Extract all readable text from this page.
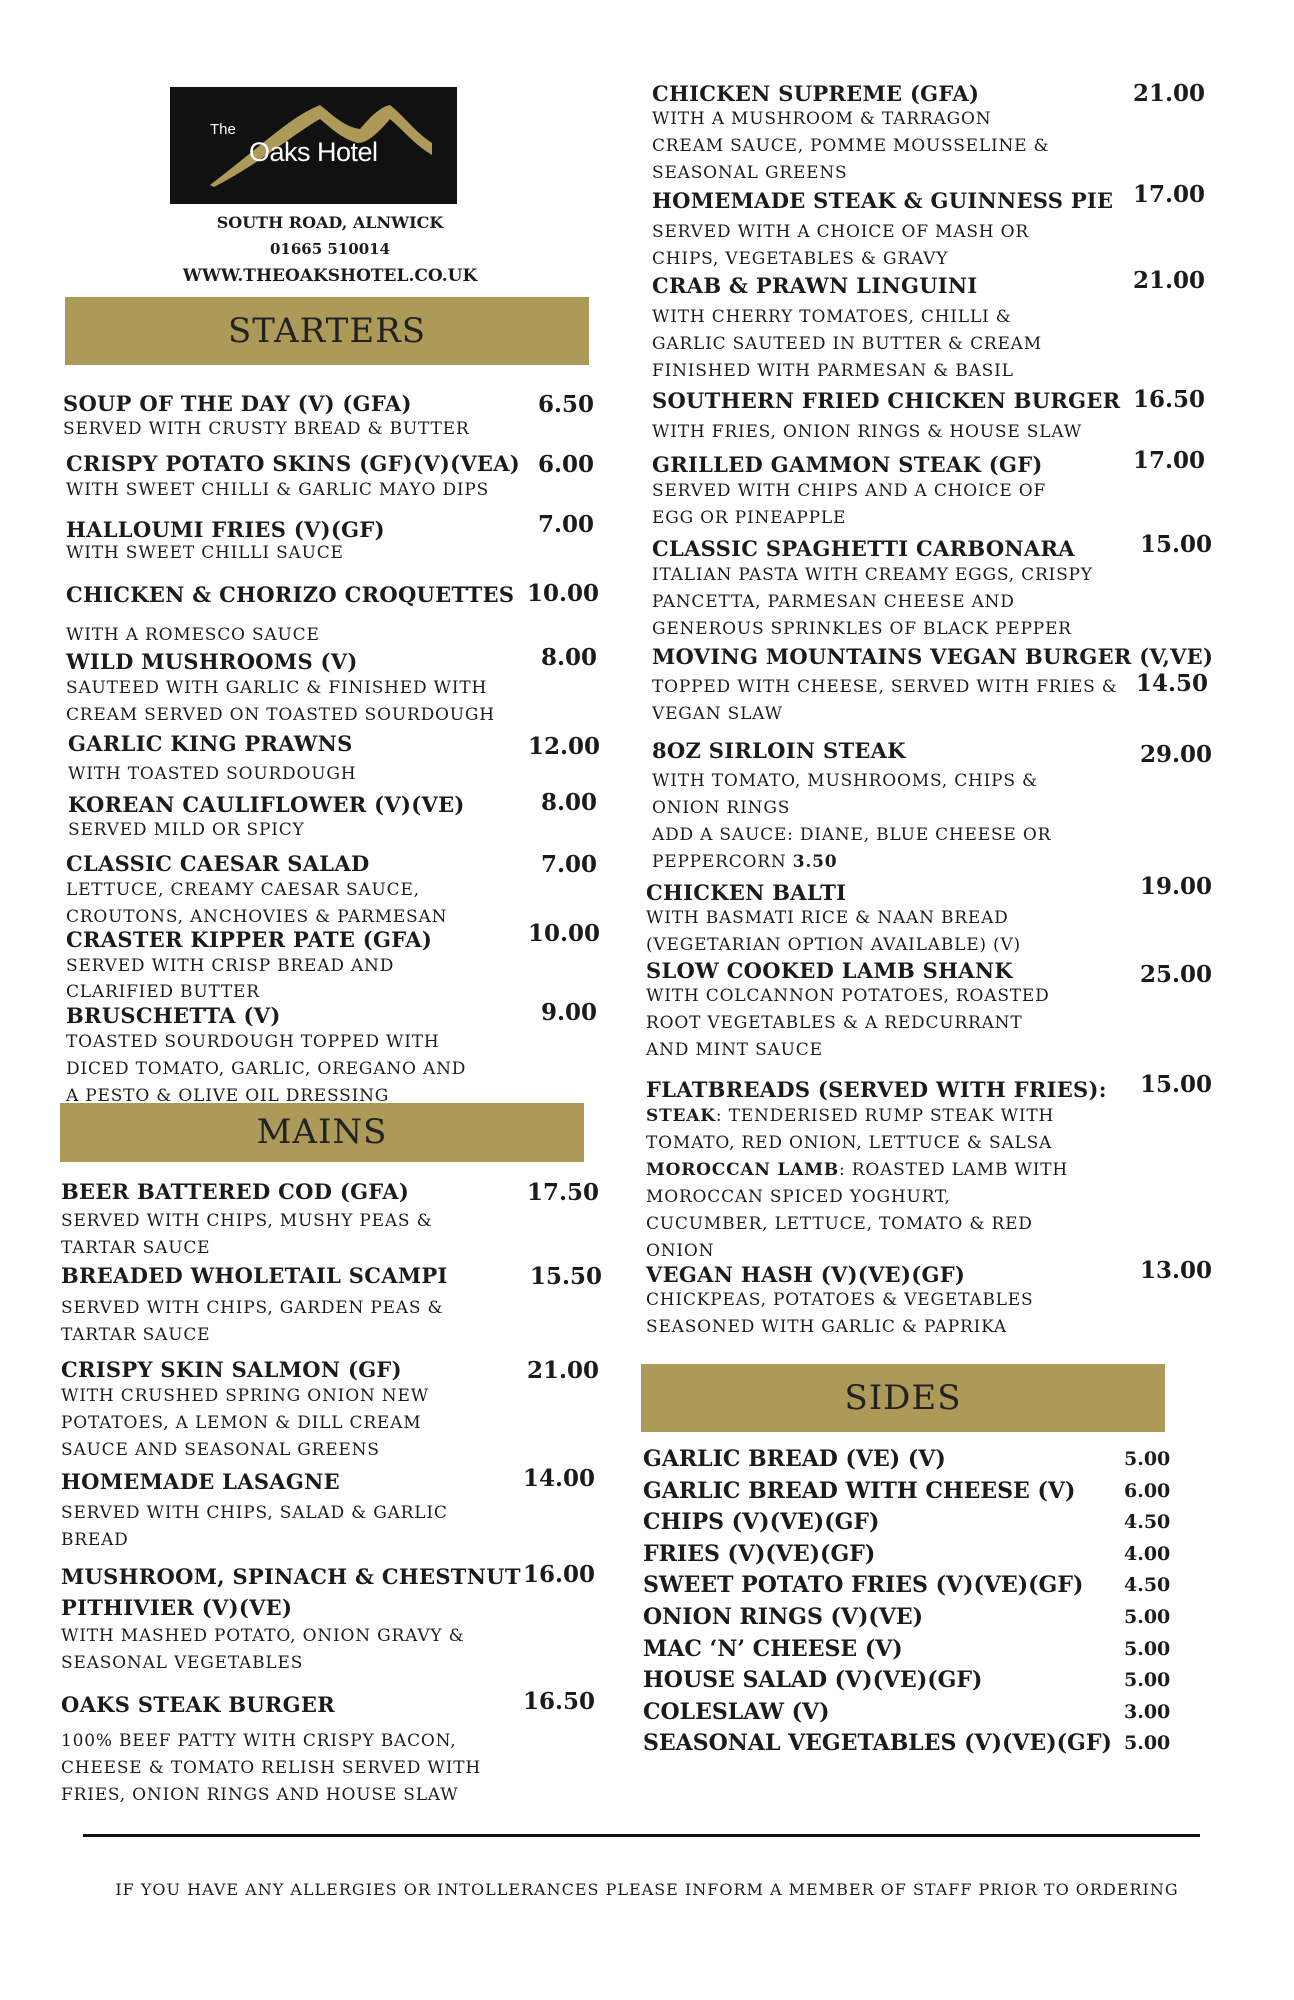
The
Oaks Hotel
SOUTH ROAD, ALNWICK
01665 510014
WWW.THEOAKSHOTEL.CO.UK
STARTERS
MAINS
SIDES
SOUP OF THE DAY (V) (GFA)
SERVED WITH CRUSTY BREAD & BUTTER
6.50
CRISPY POTATO SKINS (GF)(V)(VEA)
WITH SWEET CHILLI & GARLIC MAYO DIPS
6.00
HALLOUMI FRIES (V)(GF)
WITH SWEET CHILLI SAUCE
7.00
CHICKEN & CHORIZO CROQUETTES
WITH A ROMESCO SAUCE
10.00
WILD MUSHROOMS (V)
SAUTEED WITH GARLIC & FINISHED WITH
CREAM SERVED ON TOASTED SOURDOUGH
8.00
GARLIC KING PRAWNS
WITH TOASTED SOURDOUGH
12.00
KOREAN CAULIFLOWER (V)(VE)
SERVED MILD OR SPICY
8.00
CLASSIC CAESAR SALAD
LETTUCE, CREAMY CAESAR SAUCE,
CROUTONS, ANCHOVIES & PARMESAN
7.00
CRASTER KIPPER PATE (GFA)
SERVED WITH CRISP BREAD AND
CLARIFIED BUTTER
10.00
BRUSCHETTA (V)
TOASTED SOURDOUGH TOPPED WITH
DICED TOMATO, GARLIC, OREGANO AND
A PESTO & OLIVE OIL DRESSING
9.00
BEER BATTERED COD (GFA)
SERVED WITH CHIPS, MUSHY PEAS &
TARTAR SAUCE
17.50
BREADED WHOLETAIL SCAMPI
SERVED WITH CHIPS, GARDEN PEAS &
TARTAR SAUCE
15.50
CRISPY SKIN SALMON (GF)
WITH CRUSHED SPRING ONION NEW
POTATOES, A LEMON & DILL CREAM
SAUCE AND SEASONAL GREENS
21.00
HOMEMADE LASAGNE
SERVED WITH CHIPS, SALAD & GARLIC
BREAD
14.00
MUSHROOM, SPINACH & CHESTNUT
PITHIVIER (V)(VE)
WITH MASHED POTATO, ONION GRAVY &
SEASONAL VEGETABLES
16.00
OAKS STEAK BURGER
100% BEEF PATTY WITH CRISPY BACON,
CHEESE & TOMATO RELISH SERVED WITH
FRIES, ONION RINGS AND HOUSE SLAW
16.50
CHICKEN SUPREME (GFA)
WITH A MUSHROOM & TARRAGON
CREAM SAUCE, POMME MOUSSELINE &
SEASONAL GREENS
21.00
HOMEMADE STEAK & GUINNESS PIE
SERVED WITH A CHOICE OF MASH OR
CHIPS, VEGETABLES & GRAVY
17.00
CRAB & PRAWN LINGUINI
WITH CHERRY TOMATOES, CHILLI &
GARLIC SAUTEED IN BUTTER & CREAM
FINISHED WITH PARMESAN & BASIL
21.00
SOUTHERN FRIED CHICKEN BURGER
WITH FRIES, ONION RINGS & HOUSE SLAW
16.50
GRILLED GAMMON STEAK (GF)
SERVED WITH CHIPS AND A CHOICE OF
EGG OR PINEAPPLE
17.00
CLASSIC SPAGHETTI CARBONARA
ITALIAN PASTA WITH CREAMY EGGS, CRISPY
PANCETTA, PARMESAN CHEESE AND
GENEROUS SPRINKLES OF BLACK PEPPER
15.00
MOVING MOUNTAINS VEGAN BURGER (V,VE)
TOPPED WITH CHEESE, SERVED WITH FRIES &
VEGAN SLAW
14.50
8OZ SIRLOIN STEAK
WITH TOMATO, MUSHROOMS, CHIPS &
ONION RINGS
ADD A SAUCE: DIANE, BLUE CHEESE OR
PEPPERCORN 3.50
29.00
CHICKEN BALTI
WITH BASMATI RICE & NAAN BREAD
(VEGETARIAN OPTION AVAILABLE) (V)
19.00
SLOW COOKED LAMB SHANK
WITH COLCANNON POTATOES, ROASTED
ROOT VEGETABLES & A REDCURRANT
AND MINT SAUCE
25.00
FLATBREADS (SERVED WITH FRIES):
STEAK: TENDERISED RUMP STEAK WITH
TOMATO, RED ONION, LETTUCE & SALSA
MOROCCAN LAMB: ROASTED LAMB WITH
MOROCCAN SPICED YOGHURT,
CUCUMBER, LETTUCE, TOMATO & RED
ONION
15.00
VEGAN HASH (V)(VE)(GF)
CHICKPEAS, POTATOES & VEGETABLES
SEASONED WITH GARLIC & PAPRIKA
13.00
GARLIC BREAD (VE) (V)	5.00
GARLIC BREAD WITH CHEESE (V)	6.00
CHIPS (V)(VE)(GF)	4.50
FRIES (V)(VE)(GF)	4.00
SWEET POTATO FRIES (V)(VE)(GF) 4.50
ONION RINGS (V)(VE)	5.00
MAC ‘N’ CHEESE (V)	5.00
HOUSE SALAD (V)(VE)(GF)	5.00
COLESLAW (V)	3.00
SEASONAL VEGETABLES (V)(VE)(GF) 5.00
IF YOU HAVE ANY ALLERGIES OR INTOLLERANCES PLEASE INFORM A MEMBER OF STAFF PRIOR TO ORDERING
